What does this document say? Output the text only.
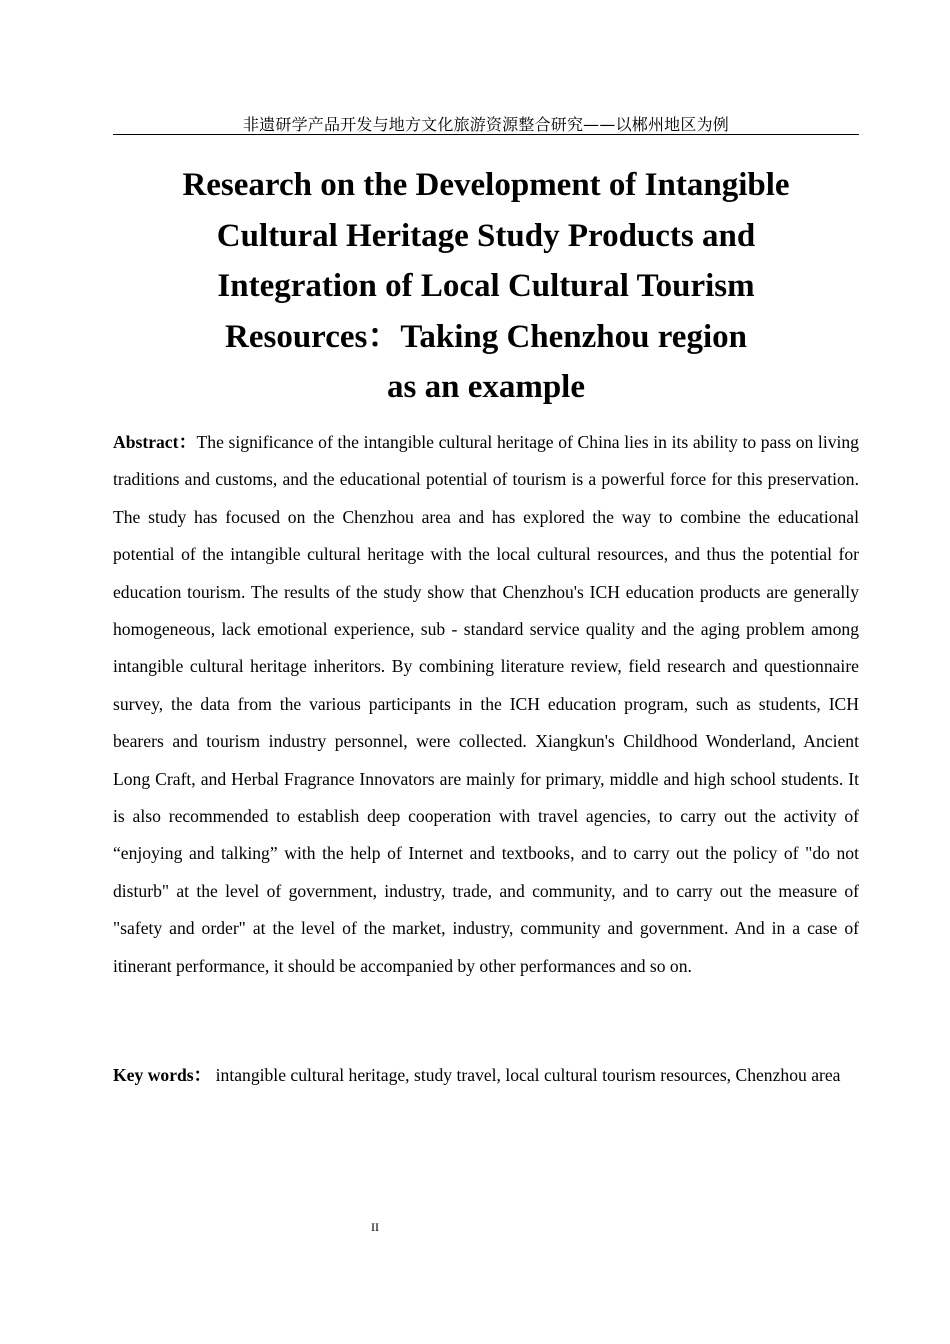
非遗研学产品开发与地方文化旅游资源整合研究——以郴州地区为例
Research on the Development of Intangible
Cultural Heritage Study Products and
Integration of Local Cultural Tourism
Resources：Taking Chenzhou region
as an example

Abstract：The significance of the intangible cultural heritage of China lies in its ability to pass on living traditions and customs, and the educational potential of tourism is a powerful force for this preservation. The study has focused on the Chenzhou area and has explored the way to combine the educational potential of the intangible cultural heritage with the local cultural resources, and thus the potential for education tourism. The results of the study show that Chenzhou's ICH education products are generally homogeneous, lack emotional experience, sub - standard service quality and the aging problem among intangible cultural heritage inheritors. By combining literature review, field research and questionnaire survey, the data from the various participants in the ICH education program, such as students, ICH bearers and tourism industry personnel, were collected. Xiangkun's Childhood Wonderland, Ancient Long Craft, and Herbal Fragrance Innovators are mainly for primary, middle and high school students. It is also recommended to establish deep cooperation with travel agencies, to carry out the activity of “enjoying and talking” with the help of Internet and textbooks, and to carry out the policy of "do not disturb" at the level of government, industry, trade, and community, and to carry out the measure of "safety and order" at the level of the market, industry, community and government. And in a case of itinerant performance, it should be accompanied by other performances and so on.

Key words： intangible cultural heritage, study travel, local cultural tourism resources, Chenzhou area

II
